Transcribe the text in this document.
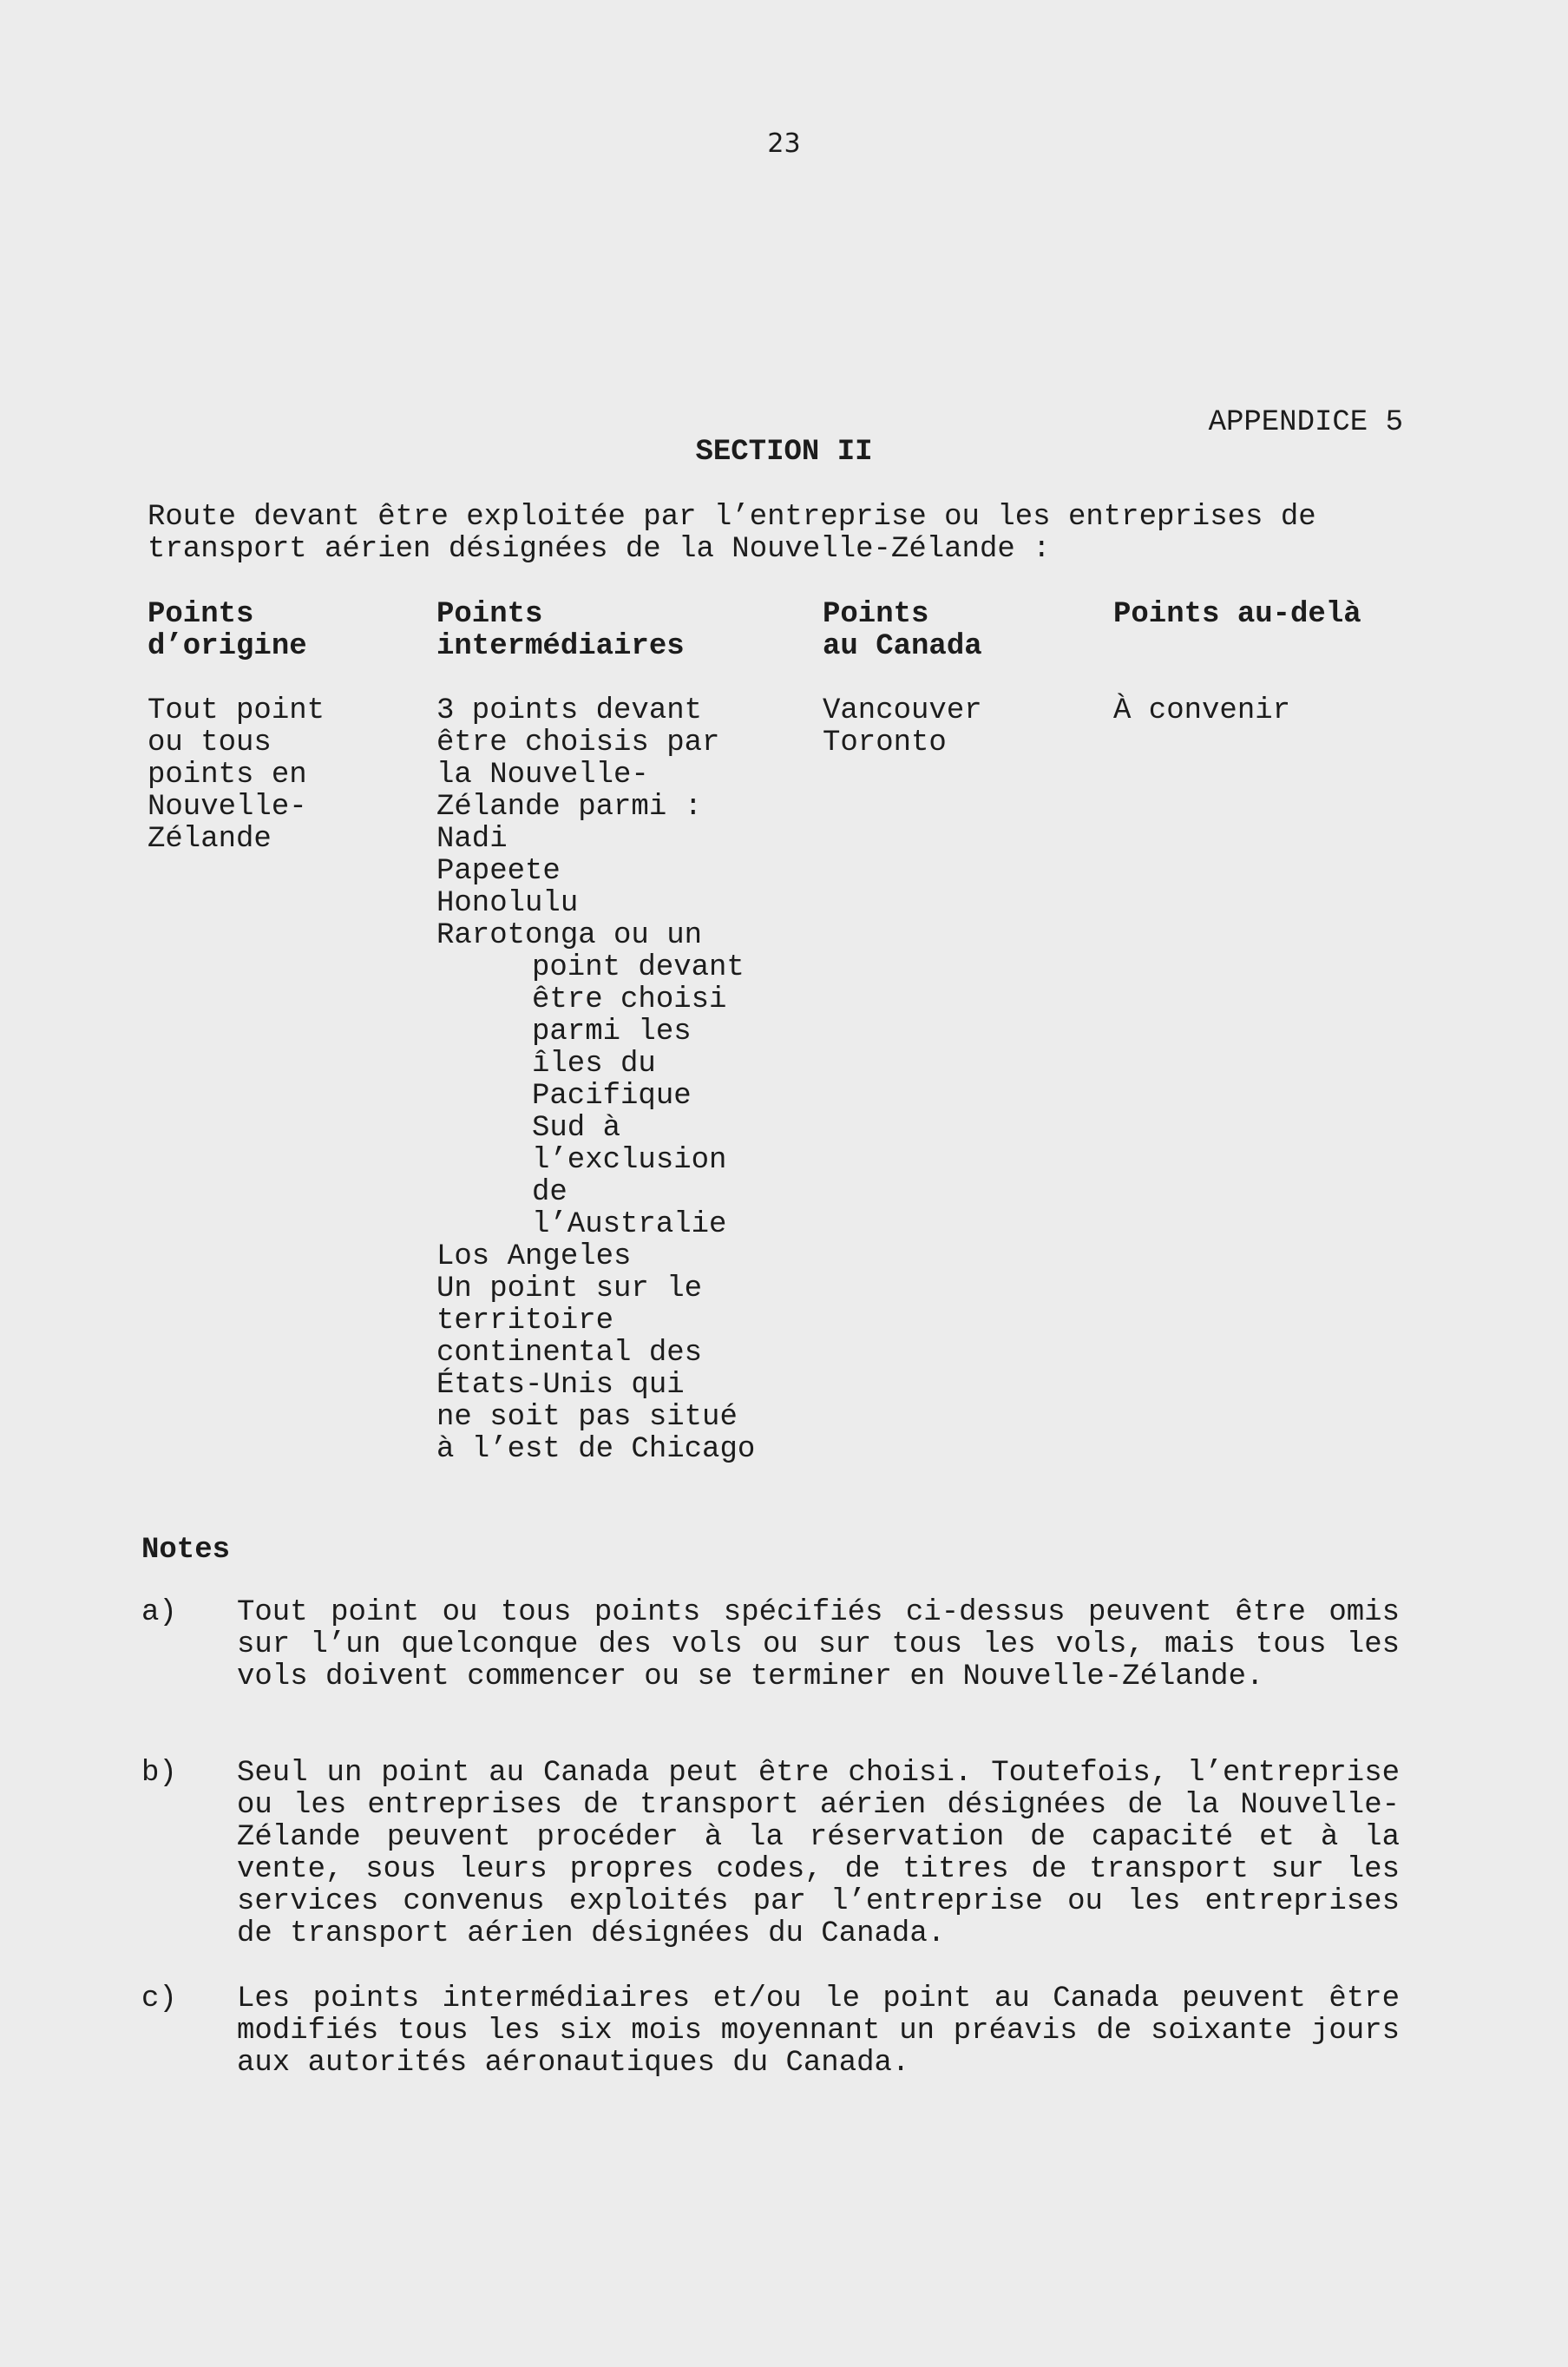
23
APPENDICE 5
SECTION II
Route devant être exploitée par l’entreprise ou les entreprises de transport aérien désignées de la Nouvelle-Zélande :
Points
d’origine
Tout point
ou tous
points en
Nouvelle-
Zélande
Points
intermédiaires
3 points devant
être choisis par
la Nouvelle-
Zélande parmi :
Nadi
Papeete
Honolulu
Rarotonga ou un
point devant
être choisi
parmi les
îles du
Pacifique
Sud à
l’exclusion
de
l’Australie
Los Angeles
Un point sur le
territoire
continental des
États-Unis qui
ne soit pas situé
à l’est de Chicago
Points
au Canada
Vancouver
Toronto
Points au-delà

À convenir
Notes
a) Tout point ou tous points spécifiés ci-dessus peuvent être omis sur l’un quelconque des vols ou sur tous les vols, mais tous les vols doivent commencer ou se terminer en Nouvelle-Zélande.
b) Seul un point au Canada peut être choisi. Toutefois, l’entreprise ou les entreprises de transport aérien désignées de la Nouvelle-Zélande peuvent procéder à la réservation de capacité et à la vente, sous leurs propres codes, de titres de transport sur les services convenus exploités par l’entreprise ou les entreprises de transport aérien désignées du Canada.
c) Les points intermédiaires et/ou le point au Canada peuvent être modifiés tous les six mois moyennant un préavis de soixante jours aux autorités aéronautiques du Canada.
